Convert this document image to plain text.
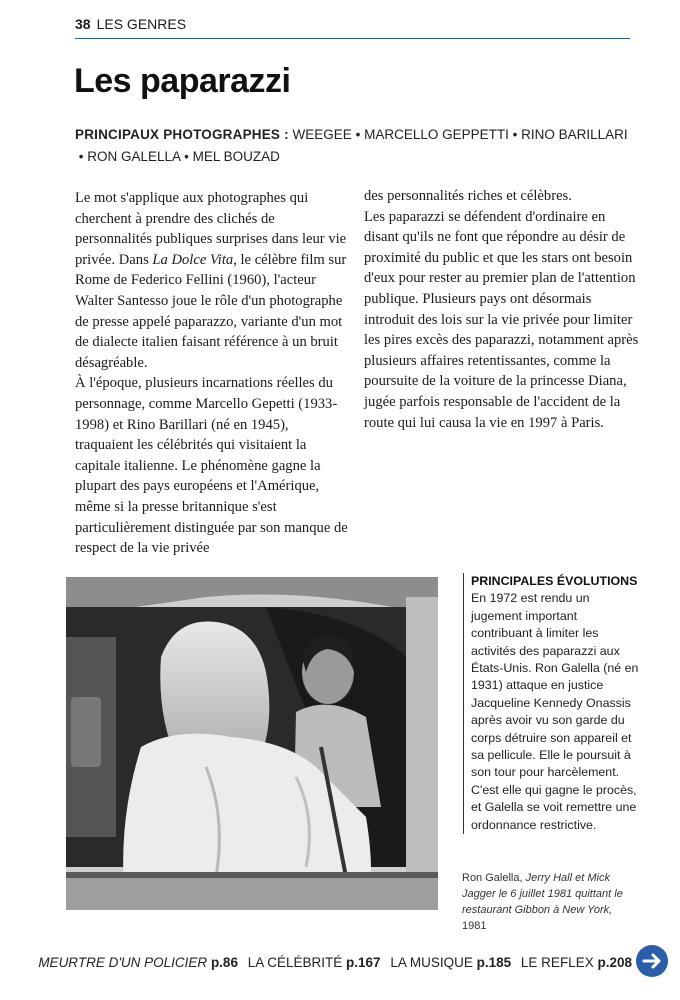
38 LES GENRES
Les paparazzi
PRINCIPAUX PHOTOGRAPHES : WEEGEE • MARCELLO GEPPETTI • RINO BARILLARI
• RON GALELLA • MEL BOUZAD

Le mot s'applique aux photographes qui cherchent à prendre des clichés de personnalités publiques surprises dans leur vie privée. Dans La Dolce Vita, le célèbre film sur Rome de Federico Fellini (1960), l'acteur Walter Santesso joue le rôle d'un photographe de presse appelé paparazzo, variante d'un mot de dialecte italien faisant référence à un bruit désagréable.

À l'époque, plusieurs incarnations réelles du personnage, comme Marcello Gepetti (1933-1998) et Rino Barillari (né en 1945), traquaient les célébrités qui visitaient la capitale italienne. Le phénomène gagne la plupart des pays européens et l'Amérique, même si la presse britannique s'est particulièrement distinguée par son manque de respect de la vie privée

des personnalités riches et célèbres.

Les paparazzi se défendent d'ordinaire en disant qu'ils ne font que répondre au désir de proximité du public et que les stars ont besoin d'eux pour rester au premier plan de l'attention publique. Plusieurs pays ont désormais introduit des lois sur la vie privée pour limiter les pires excès des paparazzi, notamment après plusieurs affaires retentissantes, comme la poursuite de la voiture de la princesse Diana, jugée parfois responsable de l'accident de la route qui lui causa la vie en 1997 à Paris.

PRINCIPALES ÉVOLUTIONS
En 1972 est rendu un jugement important contribuant à limiter les activités des paparazzi aux États-Unis. Ron Galella (né en 1931) attaque en justice Jacqueline Kennedy Onassis après avoir vu son garde du corps détruire son appareil et sa pellicule. Elle le poursuit à son tour pour harcèlement. C'est elle qui gagne le procès, et Galella se voit remettre une ordonnance restrictive.
Ron Galella, Jerry Hall et Mick Jagger le 6 juillet 1981 quittant le restaurant Gibbon à New York, 1981
MEURTRE D'UN POLICIER p.86 LA CÉLÉBRITÉ p.167 LA MUSIQUE p.185 LE REFLEX p.208
